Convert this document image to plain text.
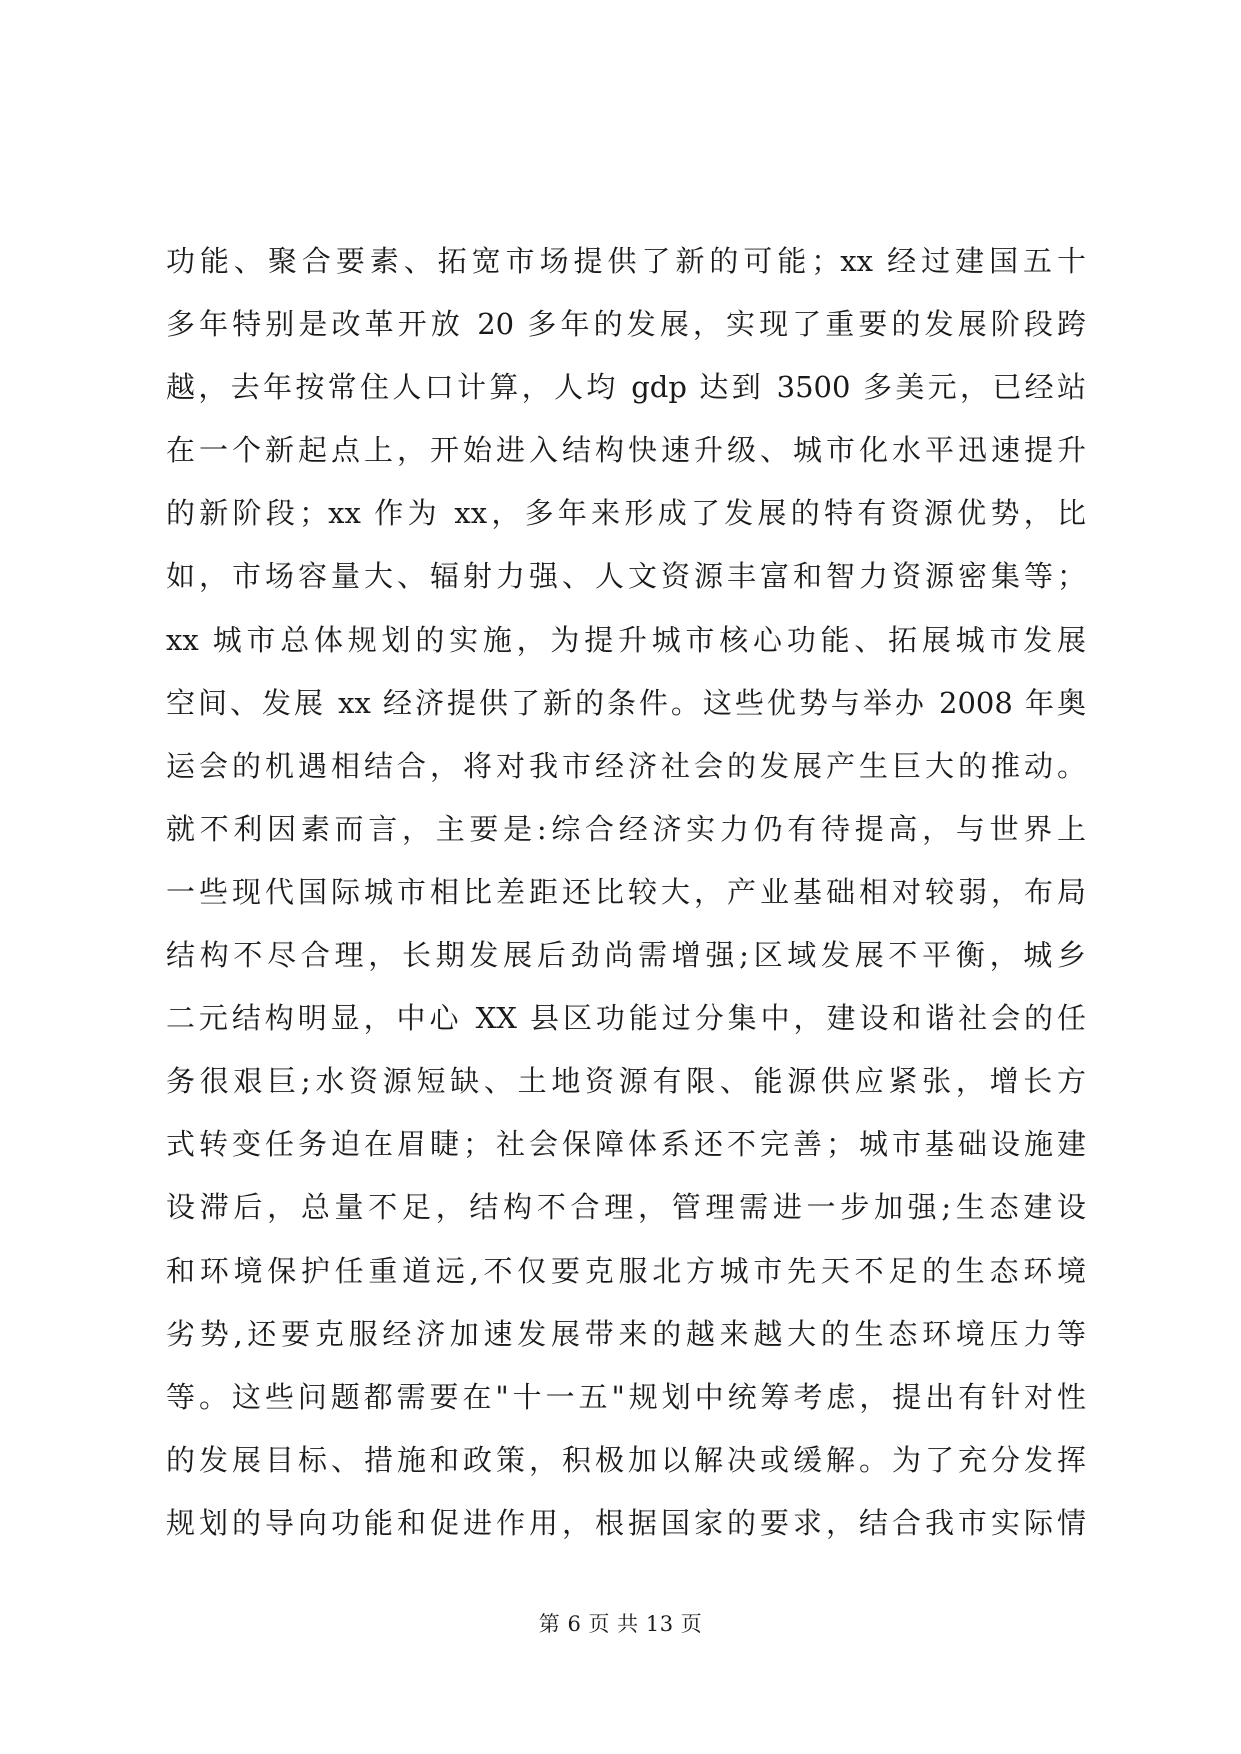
功能、聚合要素、拓宽市场提供了新的可能；xx 经过建国五十
多年特别是改革开放 20 多年的发展，实现了重要的发展阶段跨
越，去年按常住人口计算，人均 gdp 达到 3500 多美元，已经站
在一个新起点上，开始进入结构快速升级、城市化水平迅速提升
的新阶段；xx 作为 xx，多年来形成了发展的特有资源优势，比
如，市场容量大、辐射力强、人文资源丰富和智力资源密集等；
xx 城市总体规划的实施，为提升城市核心功能、拓展城市发展
空间、发展 xx 经济提供了新的条件。这些优势与举办 2008 年奥
运会的机遇相结合，将对我市经济社会的发展产生巨大的推动。
就不利因素而言，主要是:综合经济实力仍有待提高，与世界上
一些现代国际城市相比差距还比较大，产业基础相对较弱，布局
结构不尽合理，长期发展后劲尚需增强;区域发展不平衡，城乡
二元结构明显，中心 XX 县区功能过分集中，建设和谐社会的任
务很艰巨;水资源短缺、土地资源有限、能源供应紧张，增长方
式转变任务迫在眉睫；社会保障体系还不完善；城市基础设施建
设滞后，总量不足，结构不合理，管理需进一步加强;生态建设
和环境保护任重道远,不仅要克服北方城市先天不足的生态环境
劣势,还要克服经济加速发展带来的越来越大的生态环境压力等
等。这些问题都需要在"十一五"规划中统筹考虑，提出有针对性
的发展目标、措施和政策，积极加以解决或缓解。为了充分发挥
规划的导向功能和促进作用，根据国家的要求，结合我市实际情
第 6 页 共 13 页
